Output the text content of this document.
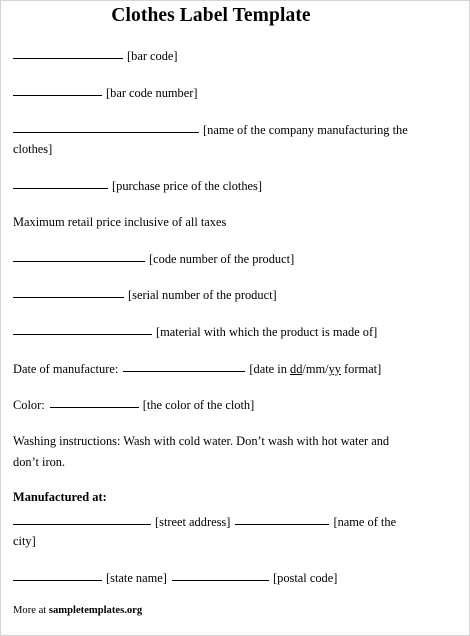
Clothes Label Template
[bar code]
[bar code number]
[name of the company manufacturing the
clothes]
[purchase price of the clothes]
Maximum retail price inclusive of all taxes
[code number of the product]
[serial number of the product]
[material with which the product is made of]
Date of manufacture:	[date in dd/mm/yy format]
Color:	[the color of the cloth]
Washing instructions: Wash with cold water. Don’t wash with hot water and
don’t iron.
Manufactured at:
[street address]	[name of the
city]
[state name]	[postal code]
More at sampletemplates.org
